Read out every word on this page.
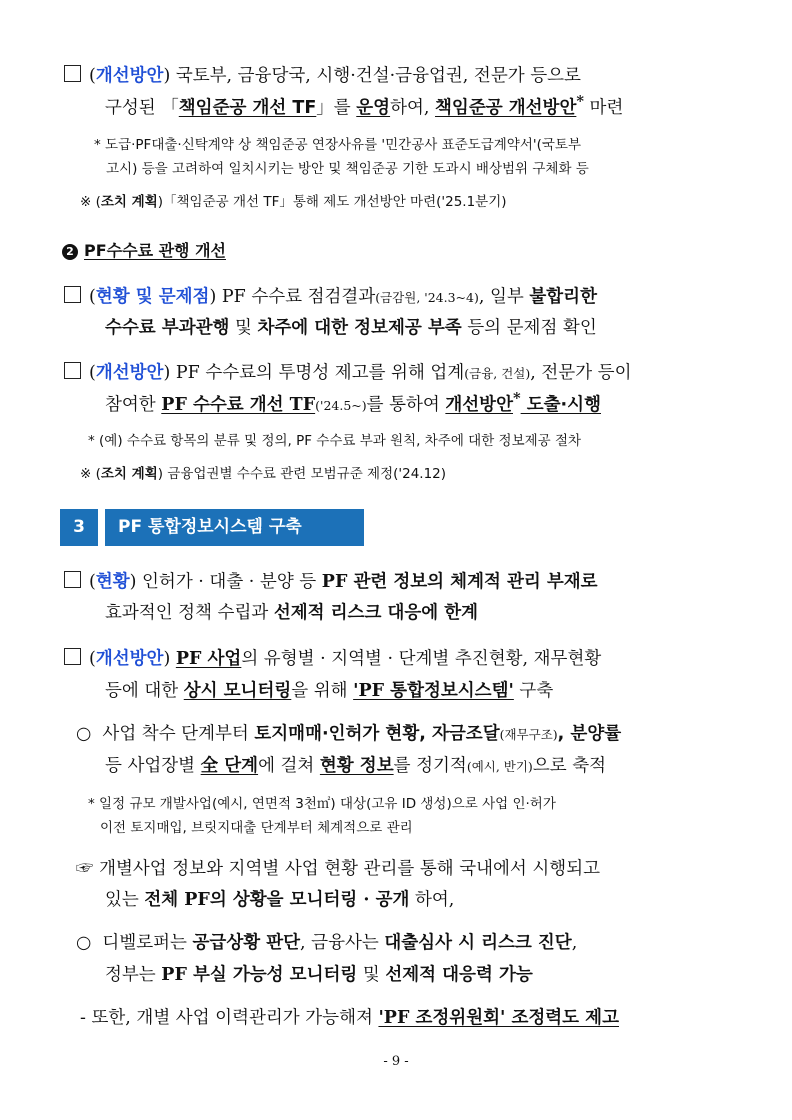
(개선방안) 국토부, 금융당국, 시행·건설·금융업권, 전문가 등으로
구성된 「책임준공 개선 TF」를 운영하여, 책임준공 개선방안* 마련
* 도급·PF대출·신탁계약 상 책임준공 연장사유를 '민간공사 표준도급계약서'(국토부
고시) 등을 고려하여 일치시키는 방안 및 책임준공 기한 도과시 배상범위 구체화 등
※ (조치 계획)「책임준공 개선 TF」통해 제도 개선방안 마련('25.1분기)
2 PF수수료 관행 개선
(현황 및 문제점) PF 수수료 점검결과(금감원, '24.3~4), 일부 불합리한
수수료 부과관행 및 차주에 대한 정보제공 부족 등의 문제점 확인
(개선방안) PF 수수료의 투명성 제고를 위해 업계(금융, 건설), 전문가 등이
참여한 PF 수수료 개선 TF('24.5~)를 통하여 개선방안* 도출·시행
* (예) 수수료 항목의 분류 및 정의, PF 수수료 부과 원칙, 차주에 대한 정보제공 절차
※ (조치 계획) 금융업권별 수수료 관련 모범규준 제정('24.12)
3	PF 통합정보시스템 구축
(현황) 인허가 · 대출 · 분양 등 PF 관련 정보의 체계적 관리 부재로
효과적인 정책 수립과 선제적 리스크 대응에 한계
(개선방안) PF 사업의 유형별 · 지역별 · 단계별 추진현황, 재무현황
등에 대한 상시 모니터링을 위해 'PF 통합정보시스템' 구축
○ 사업 착수 단계부터 토지매매·인허가 현황, 자금조달(재무구조), 분양률
등 사업장별 全 단계에 걸쳐 현황 정보를 정기적(예시, 반기)으로 축적
* 일정 규모 개발사업(예시, 연면적 3천㎡) 대상(고유 ID 생성)으로 사업 인·허가
이전 토지매입, 브릿지대출 단계부터 체계적으로 관리
☞ 개별사업 정보와 지역별 사업 현황 관리를 통해 국내에서 시행되고
있는 전체 PF의 상황을 모니터링 · 공개 하여,
○ 디벨로퍼는 공급상황 판단, 금융사는 대출심사 시 리스크 진단,
정부는 PF 부실 가능성 모니터링 및 선제적 대응력 가능
- 또한, 개별 사업 이력관리가 가능해져 'PF 조정위원회' 조정력도 제고
- 9 -
